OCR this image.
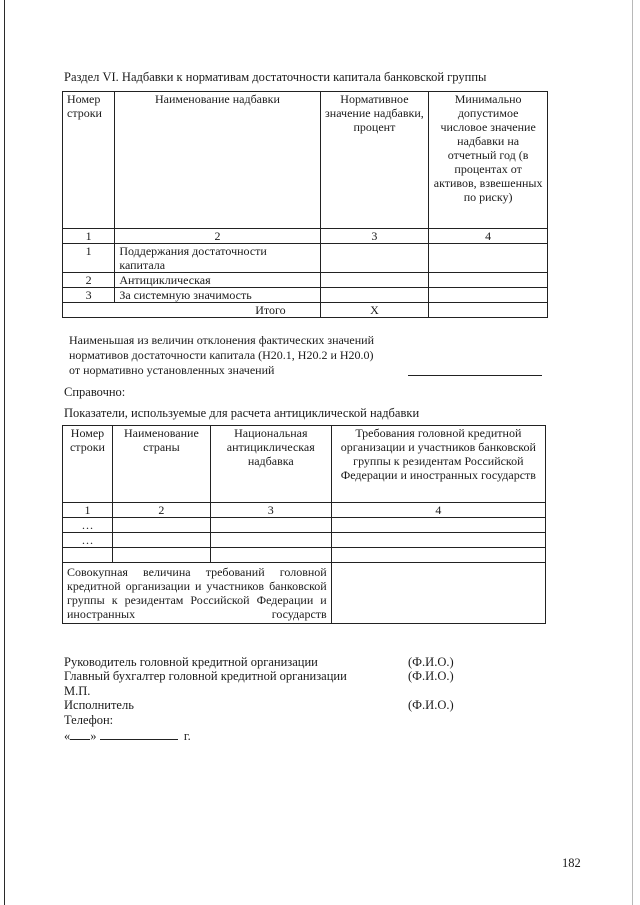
Раздел VI. Надбавки к нормативам достаточности капитала банковской группы
Номер строки	Наименование надбавки	Нормативное значение надбавки, процент	Минимально допустимое числовое значение надбавки на отчетный год (в процентах от активов, взвешенных по риску)
1	2	3	4
1	Поддержания достаточности капитала		
2	Антициклическая		
3	За системную значимость		
Итого		Х	
Наименьшая из величин отклонения фактических значений
нормативов достаточности капитала (Н20.1, Н20.2 и Н20.0)
от нормативно установленных значений
Справочно:
Показатели, используемые для расчета антициклической надбавки
Номер строки	Наименование страны	Национальная антициклическая надбавка	Требования головной кредитной организации и участников банковской группы к резидентам Российской Федерации и иностранных государств
1	2	3	4
…			
…			

Совокупная величина требований головной кредитной организации и участников банковской группы к резидентам Российской Федерации и иностранных государств			
Руководитель головной кредитной организации	(Ф.И.О.)
Главный бухгалтер головной кредитной организации	(Ф.И.О.)
М.П.
Исполнитель	(Ф.И.О.)
Телефон:
« »	г.
182
